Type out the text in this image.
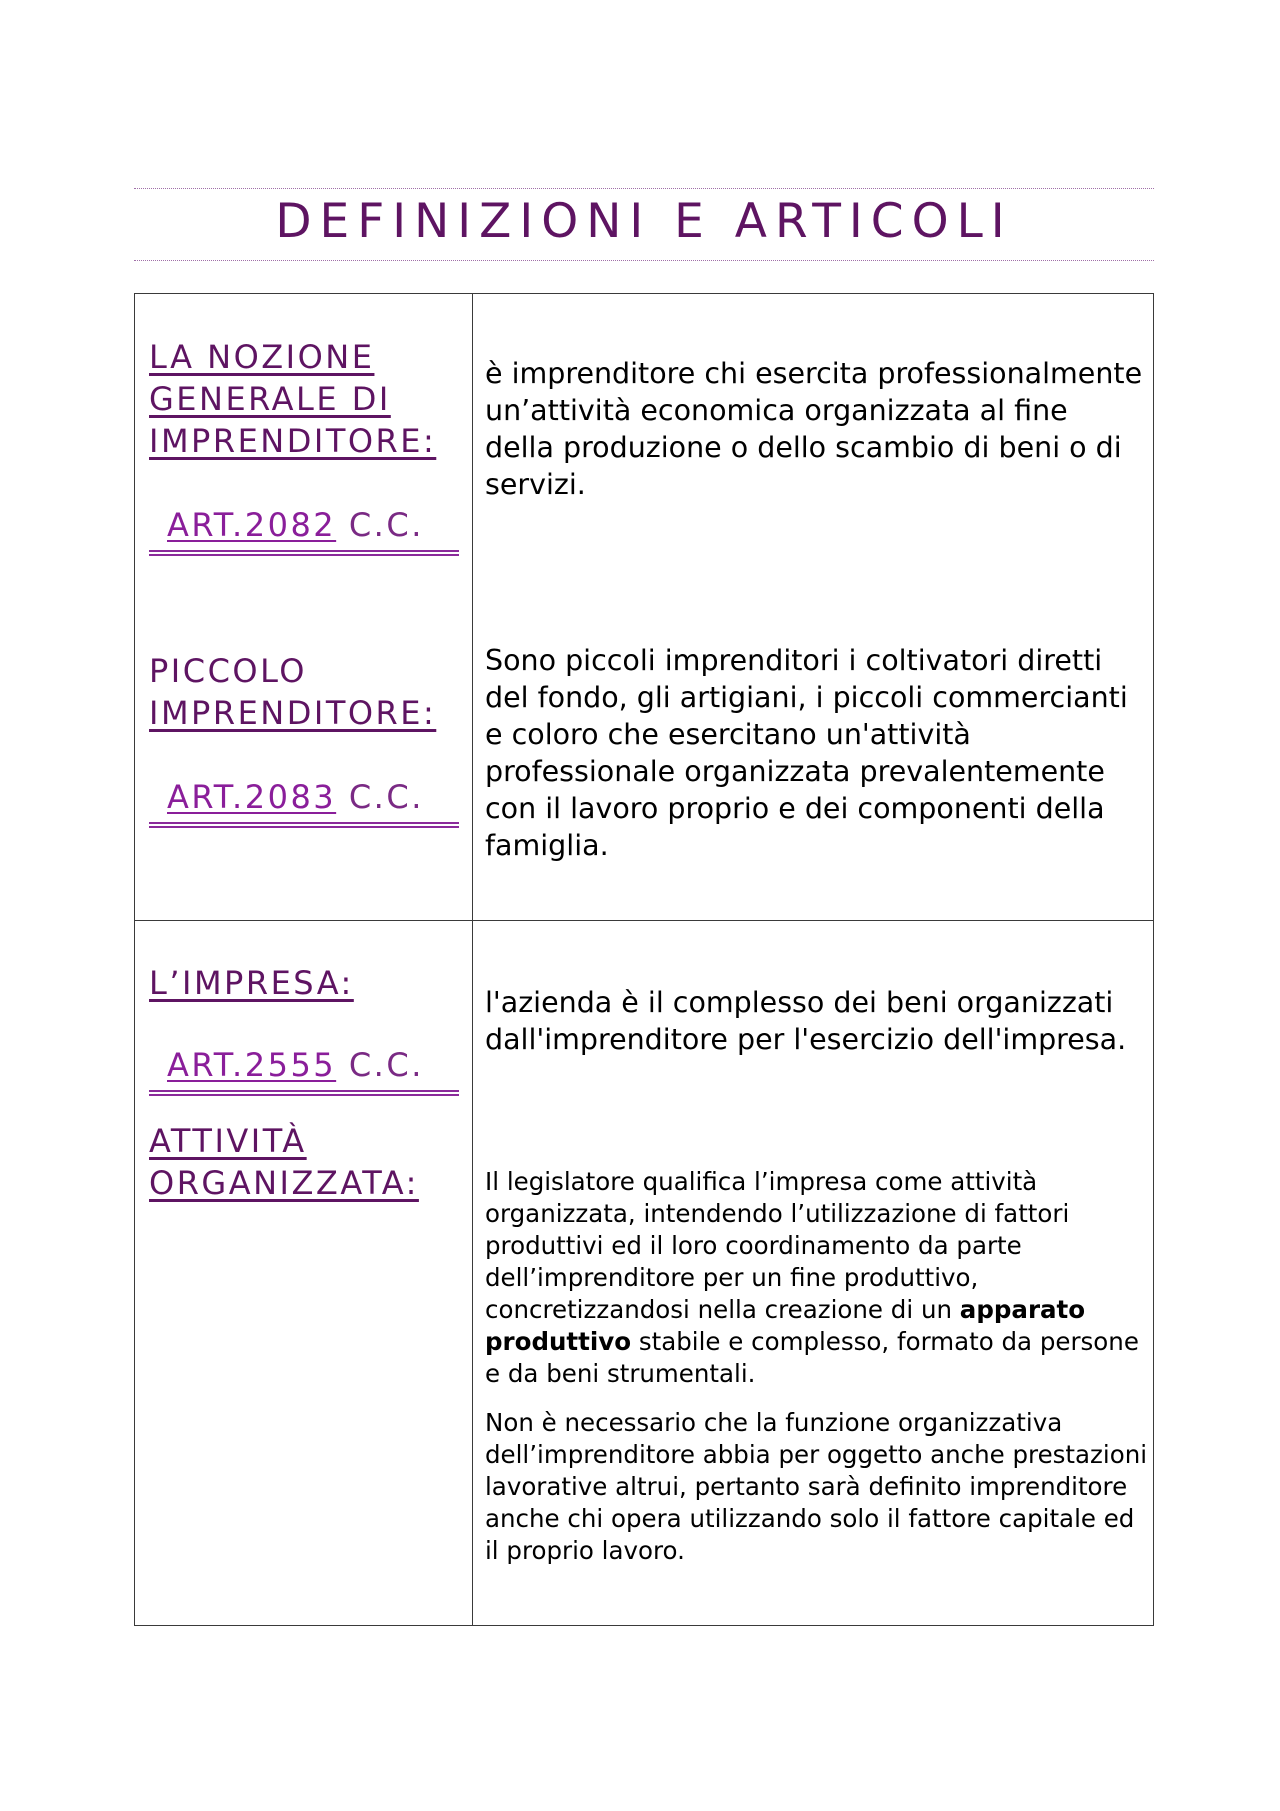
DEFINIZIONI E ARTICOLI
LA NOZIONE
GENERALE DI
IMPRENDITORE:
ART.2082 C.C.
è imprenditore chi esercita professionalmente un’attività economica organizzata al fine della produzione o dello scambio di beni o di servizi.
PICCOLO
IMPRENDITORE:
ART.2083 C.C.
Sono piccoli imprenditori i coltivatori diretti del fondo, gli artigiani, i piccoli commercianti e coloro che esercitano un'attività professionale organizzata prevalentemente con il lavoro proprio e dei componenti della famiglia.
L’IMPRESA:
ART.2555 C.C.
l'azienda è il complesso dei beni organizzati dall'imprenditore per l'esercizio dell'impresa.
ATTIVITÀ
ORGANIZZATA:	Il legislatore qualifica l’impresa come attività organizzata, intendendo l’utilizzazione di fattori produttivi ed il loro coordinamento da parte dell’imprenditore per un fine produttivo, concretizzandosi nella creazione di un apparato produttivo stabile e complesso, formato da persone e da beni strumentali.
Non è necessario che la funzione organizzativa dell’imprenditore abbia per oggetto anche prestazioni lavorative altrui, pertanto sarà definito imprenditore anche chi opera utilizzando solo il fattore capitale ed il proprio lavoro.
